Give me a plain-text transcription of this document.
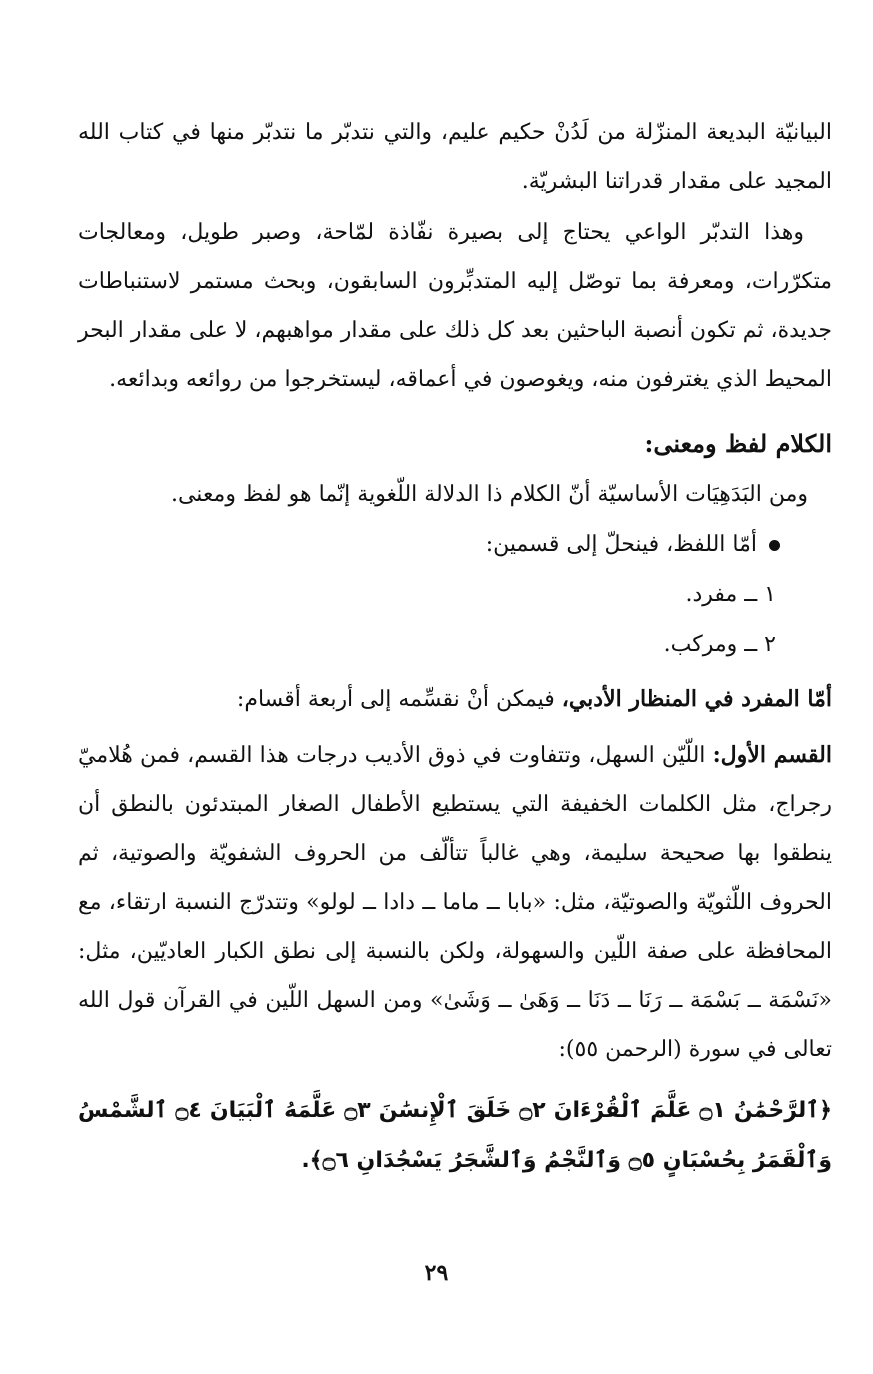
البيانيّة البديعة المنزّلة من لَدُنْ حكيم عليم، والتي نتدبّر ما نتدبّر منها في كتاب الله المجيد على مقدار قدراتنا البشريّة.

وهذا التدبّر الواعي يحتاج إلى بصيرة نفّاذة لمّاحة، وصبر طويل، ومعالجات متكرّرات، ومعرفة بما توصّل إليه المتدبِّرون السابقون، وبحث مستمر لاستنباطات جديدة، ثم تكون أنصبة الباحثين بعد كل ذلك على مقدار مواهبهم، لا على مقدار البحر المحيط الذي يغترفون منه، ويغوصون في أعماقه، ليستخرجوا من روائعه وبدائعه.

الكلام لفظ ومعنى:

ومن البَدَهِيَات الأساسيّة أنّ الكلام ذا الدلالة اللّغوية إنّما هو لفظ ومعنى.

أمّا اللفظ، فينحلّ إلى قسمين:

١ ــ مفرد.

٢ ــ ومركب.

أمّا المفرد في المنظار الأدبي، فيمكن أنْ نقسِّمه إلى أربعة أقسام:

القسم الأول: اللّيّن السهل، وتتفاوت في ذوق الأديب درجات هذا القسم، فمن هُلاميّ رجراج، مثل الكلمات الخفيفة التي يستطيع الأطفال الصغار المبتدئون بالنطق أن ينطقوا بها صحيحة سليمة، وهي غالباً تتألّف من الحروف الشفويّة والصوتية، ثم الحروف اللّثويّة والصوتيّة، مثل: «بابا ــ ماما ــ دادا ــ لولو» وتتدرّج النسبة ارتقاء، مع المحافظة على صفة اللّين والسهولة، ولكن بالنسبة إلى نطق الكبار العاديّين، مثل: «نَسْمَة ــ بَسْمَة ــ رَنَا ــ دَنَا ــ وَهَىٰ ــ وَشَىٰ» ومن السهل اللّين في القرآن قول الله تعالى في سورة (الرحمن ٥٥):

﴿ٱلرَّحْمَٰنُ ۝١ عَلَّمَ ٱلْقُرْءَانَ ۝٢ خَلَقَ ٱلْإِنسَٰنَ ۝٣ عَلَّمَهُ ٱلْبَيَانَ ۝٤ ٱلشَّمْسُ وَٱلْقَمَرُ بِحُسْبَانٍ ۝٥ وَٱلنَّجْمُ وَٱلشَّجَرُ يَسْجُدَانِ ۝٦﴾.

٢٩
